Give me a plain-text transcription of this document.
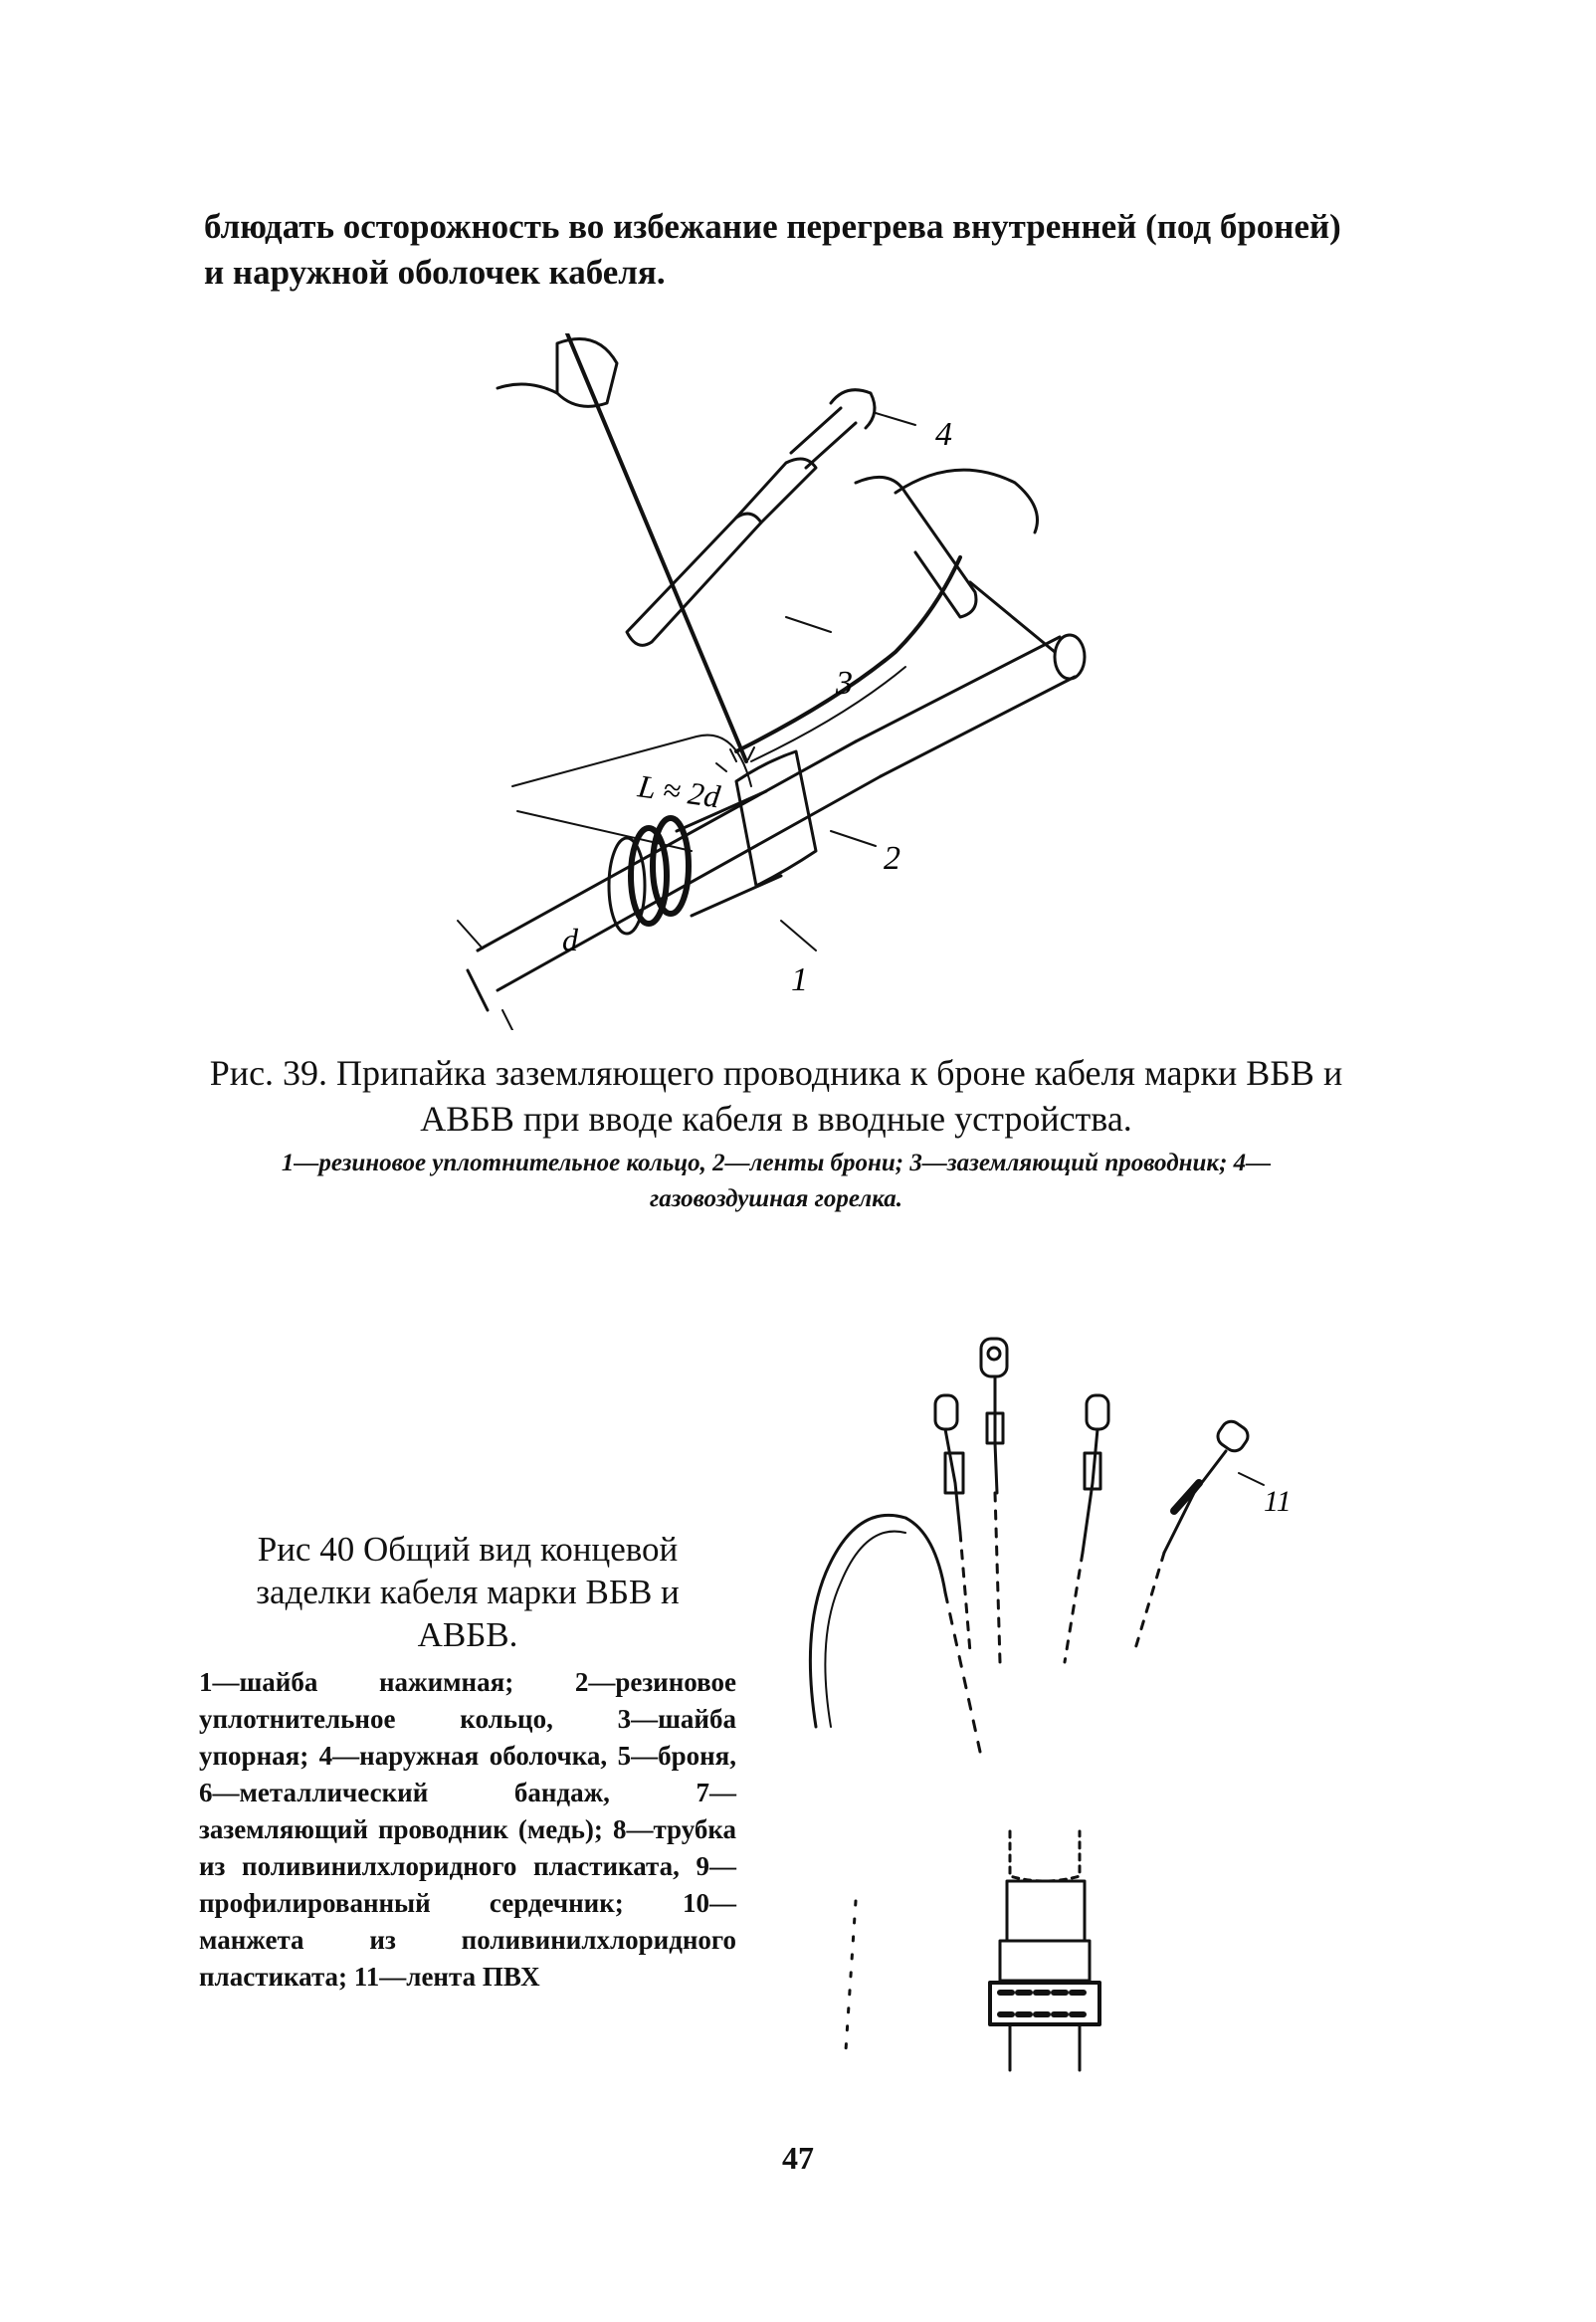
блюдать осторожность во избежание перегрева внутренней (под броней) и наружной оболочек кабеля.
1
2
3
4
L ≈ 2d
d
Рис. 39. Припайка заземляющего проводника к броне кабеля марки ВБВ и АВБВ при вводе кабеля в вводные устройства.
1—резиновое уплотнительное кольцо, 2—ленты брони; 3—заземляющий проводник; 4—газовоздушная горелка.
Рис 40 Общий вид концевой заделки кабеля марки ВБВ и АВБВ.
1—шайба нажимная; 2—резиновое уплотнительное кольцо, 3—шайба упорная; 4—наружная оболочка, 5—броня, 6—металлический бандаж, 7—заземляющий проводник (медь); 8—трубка из поливинилхлоридного пластиката, 9—профилированный сердечник; 10—манжета из поливинилхлоридного пластиката; 11—лента ПВХ
11
47
